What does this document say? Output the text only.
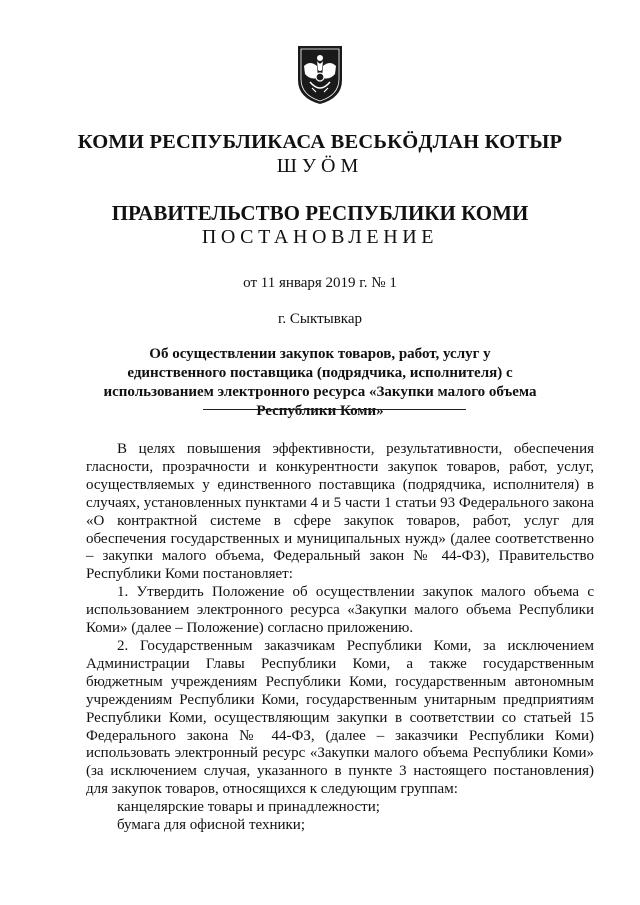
КОМИ РЕСПУБЛИКАСА ВЕСЬКÖДЛАН КОТЫР
ШУÖМ
ПРАВИТЕЛЬСТВО РЕСПУБЛИКИ КОМИ
ПОСТАНОВЛЕНИЕ
от 11 января 2019 г. № 1
г. Сыктывкар
Об осуществлении закупок товаров, работ, услуг у единственного поставщика (подрядчика, исполнителя) с использованием электронного ресурса «Закупки малого объема Республики Коми»

В целях повышения эффективности, результативности, обеспечения гласности, прозрачности и конкурентности закупок товаров, работ, услуг, осуществляемых у единственного поставщика (подрядчика, исполнителя) в случаях, установленных пунктами 4 и 5 части 1 статьи 93 Федерального закона «О контрактной системе в сфере закупок товаров, работ, услуг для обеспечения государственных и муниципальных нужд» (далее соответственно – закупки малого объема, Федеральный закон № 44-ФЗ), Правительство Республики Коми постановляет:

1. Утвердить Положение об осуществлении закупок малого объема с использованием электронного ресурса «Закупки малого объема Республики Коми» (далее – Положение) согласно приложению.

2. Государственным заказчикам Республики Коми, за исключением Администрации Главы Республики Коми, а также государственным бюджетным учреждениям Республики Коми, государственным автономным учреждениям Республики Коми, государственным унитарным предприятиям Республики Коми, осуществляющим закупки в соответствии со статьей 15 Федерального закона № 44-ФЗ, (далее – заказчики Республики Коми) использовать электронный ресурс «Закупки малого объема Республики Коми» (за исключением случая, указанного в пункте 3 настоящего постановления) для закупок товаров, относящихся к следующим группам:

канцелярские товары и принадлежности;

бумага для офисной техники;
